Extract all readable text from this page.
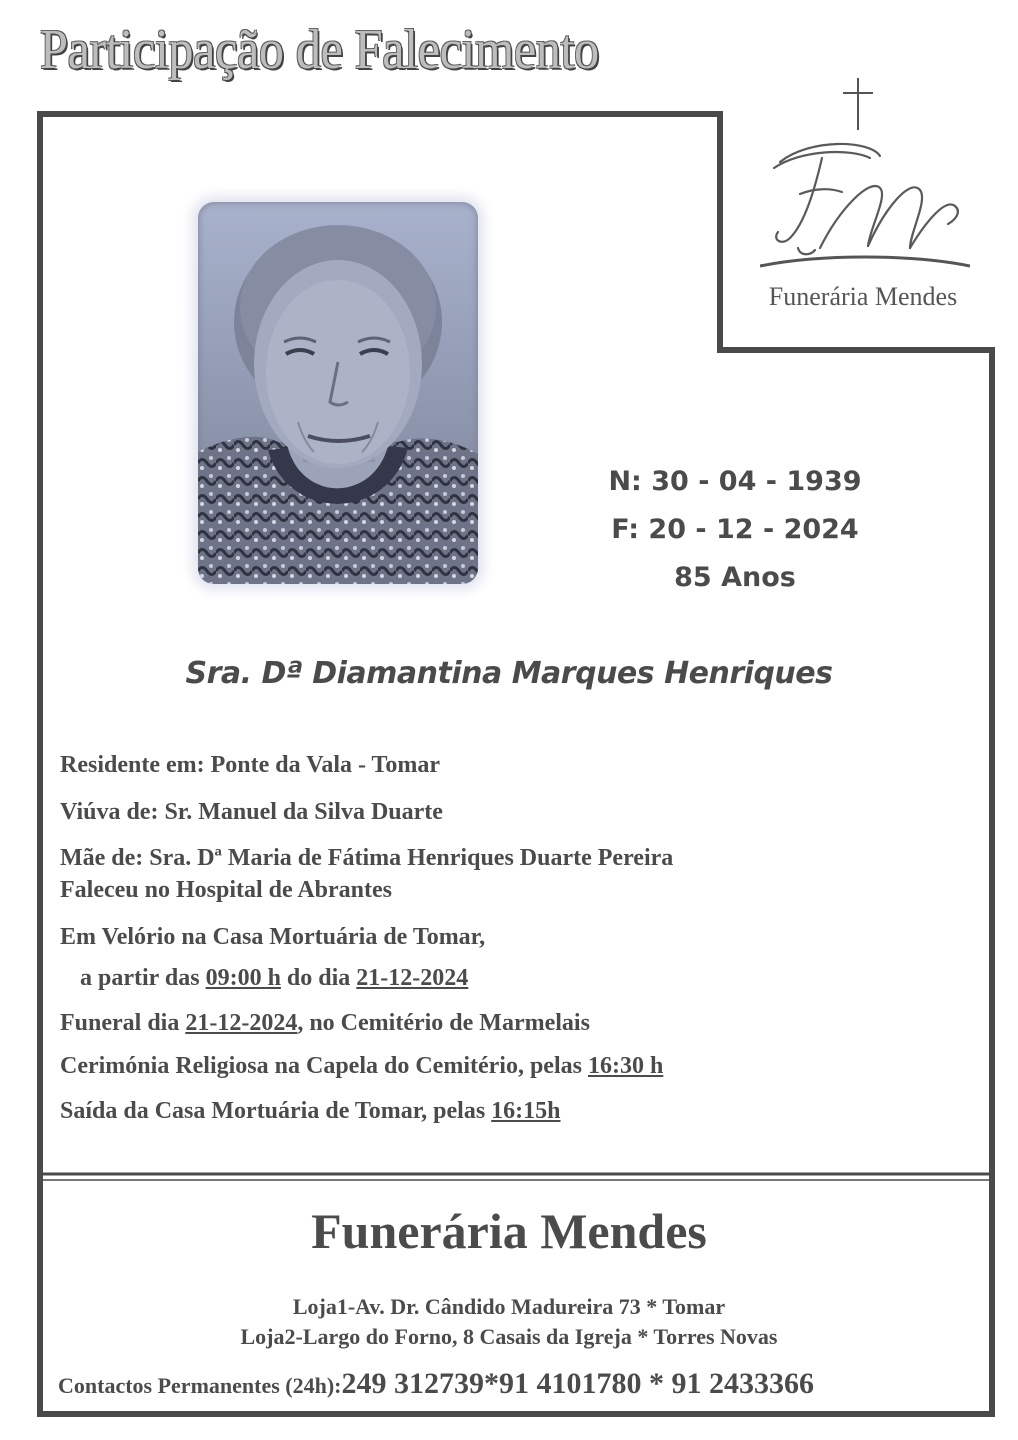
Participação de Falecimento
Funerária Mendes
N: 30 - 04 - 1939
F: 20 - 12 - 2024
85 Anos
Sra. Dª Diamantina Marques Henriques
Residente em: Ponte da Vala - Tomar
Viúva de: Sr. Manuel da Silva Duarte
Mãe de: Sra. Dª Maria de Fátima Henriques Duarte Pereira
Faleceu no Hospital de Abrantes
Em Velório na Casa Mortuária de Tomar,
a partir das 09:00 h do dia 21-12-2024
Funeral dia 21-12-2024, no Cemitério de Marmelais
Cerimónia Religiosa na Capela do Cemitério, pelas 16:30 h
Saída da Casa Mortuária de Tomar, pelas 16:15h
Funerária Mendes
Loja1-Av. Dr. Cândido Madureira 73 * Tomar
Loja2-Largo do Forno, 8 Casais da Igreja * Torres Novas
Contactos Permanentes (24h):249 312739*91 4101780 * 91 2433366
